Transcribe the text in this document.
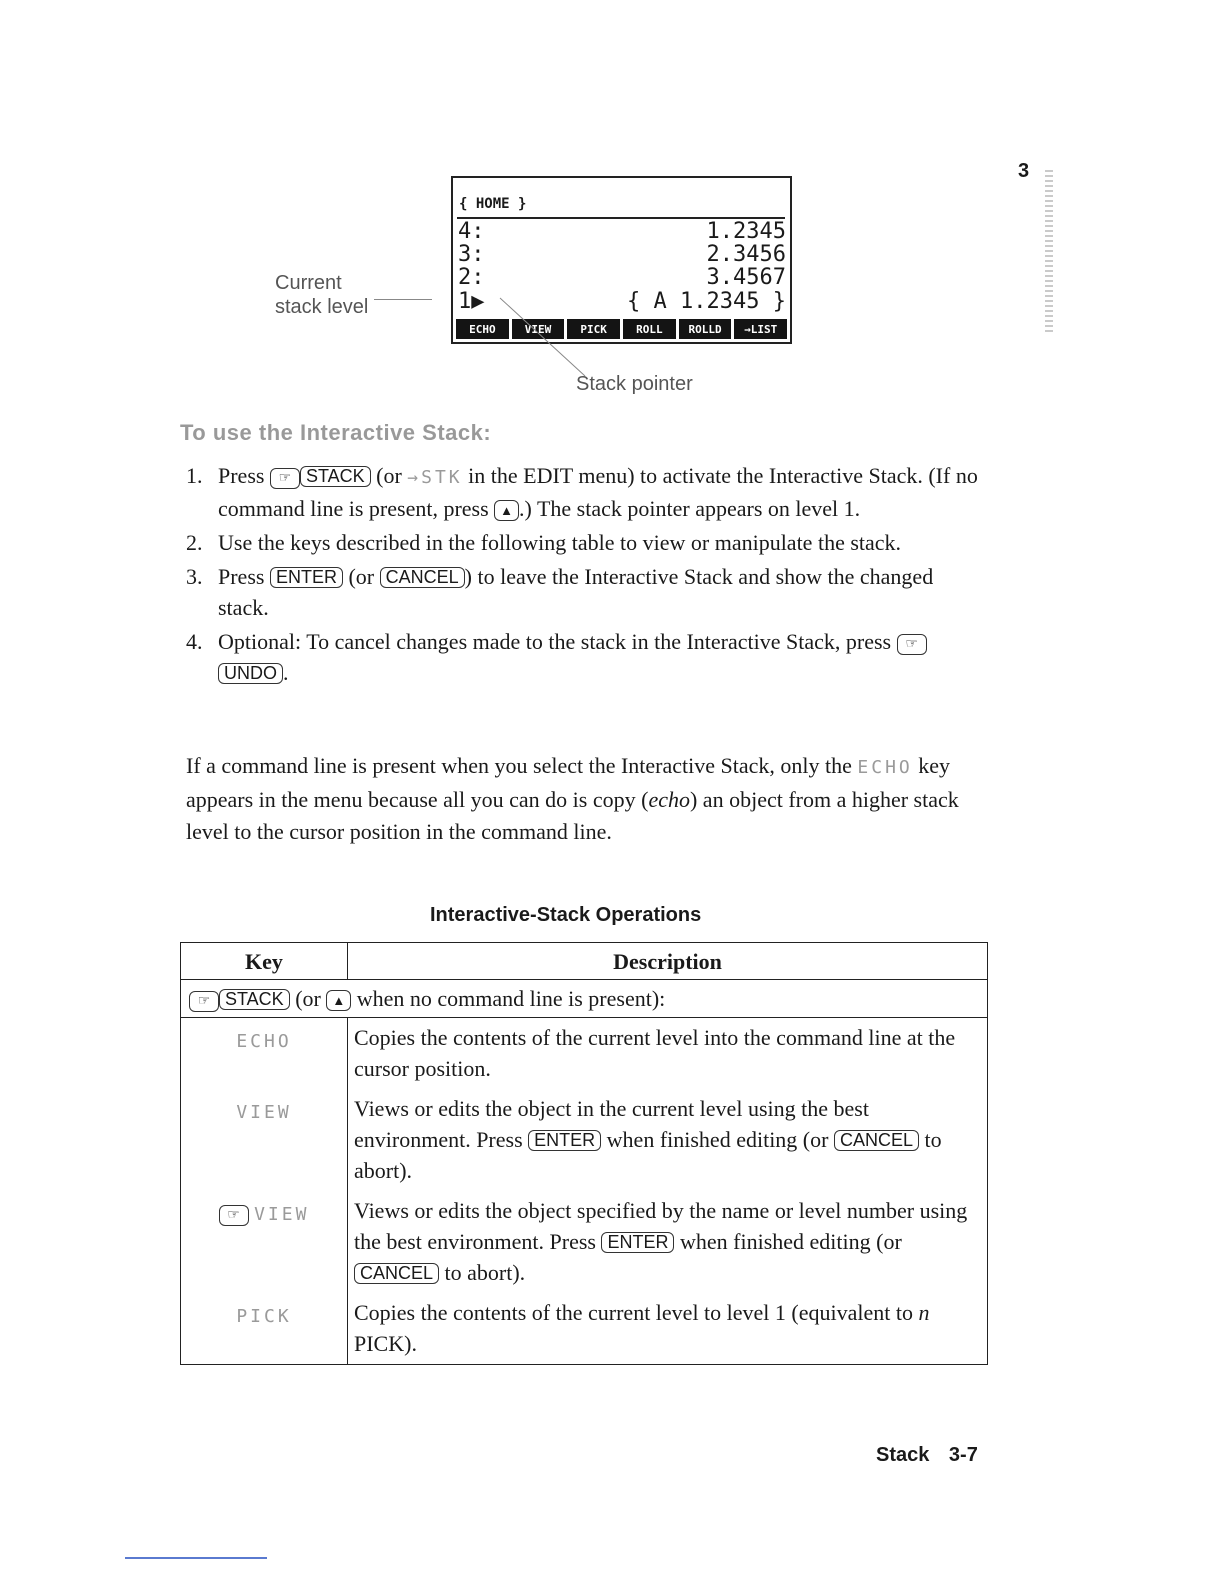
3
{ HOME }
4:	1.2345
3:	2.3456
2:	3.4567
1▶	{ A 1.2345 }
ECHO	VIEW	PICK	ROLL	ROLLD	→LIST
Current
stack level
Stack pointer
To use the Interactive Stack:
1. Press ☞ STACK (or →STK in the EDIT menu) to activate the Interactive Stack. (If no command line is present, press ▲ .) The stack pointer appears on level 1.
2. Use the keys described in the following table to view or manipulate the stack.
3. Press ENTER (or CANCEL ) to leave the Interactive Stack and show the changed stack.
4. Optional: To cancel changes made to the stack in the Interactive Stack, press ☞UNDO .
If a command line is present when you select the Interactive Stack, only the ECHO key appears in the menu because all you can do is copy (echo) an object from a higher stack level to the cursor position in the command line.
Interactive-Stack Operations
Key	Description
☞ STACK (or ▲ when no command line is present):	
ECHO	Copies the contents of the current level into the command line at the cursor position.
VIEW	Views or edits the object in the current level using the best environment. Press ENTER when finished editing (or CANCEL to abort).
☞ VIEW	Views or edits the object specified by the name or level number using the best environment. Press ENTER when finished editing (or CANCEL to abort).
PICK	Copies the contents of the current level to level 1 (equivalent to n PICK).
Stack 3-7
